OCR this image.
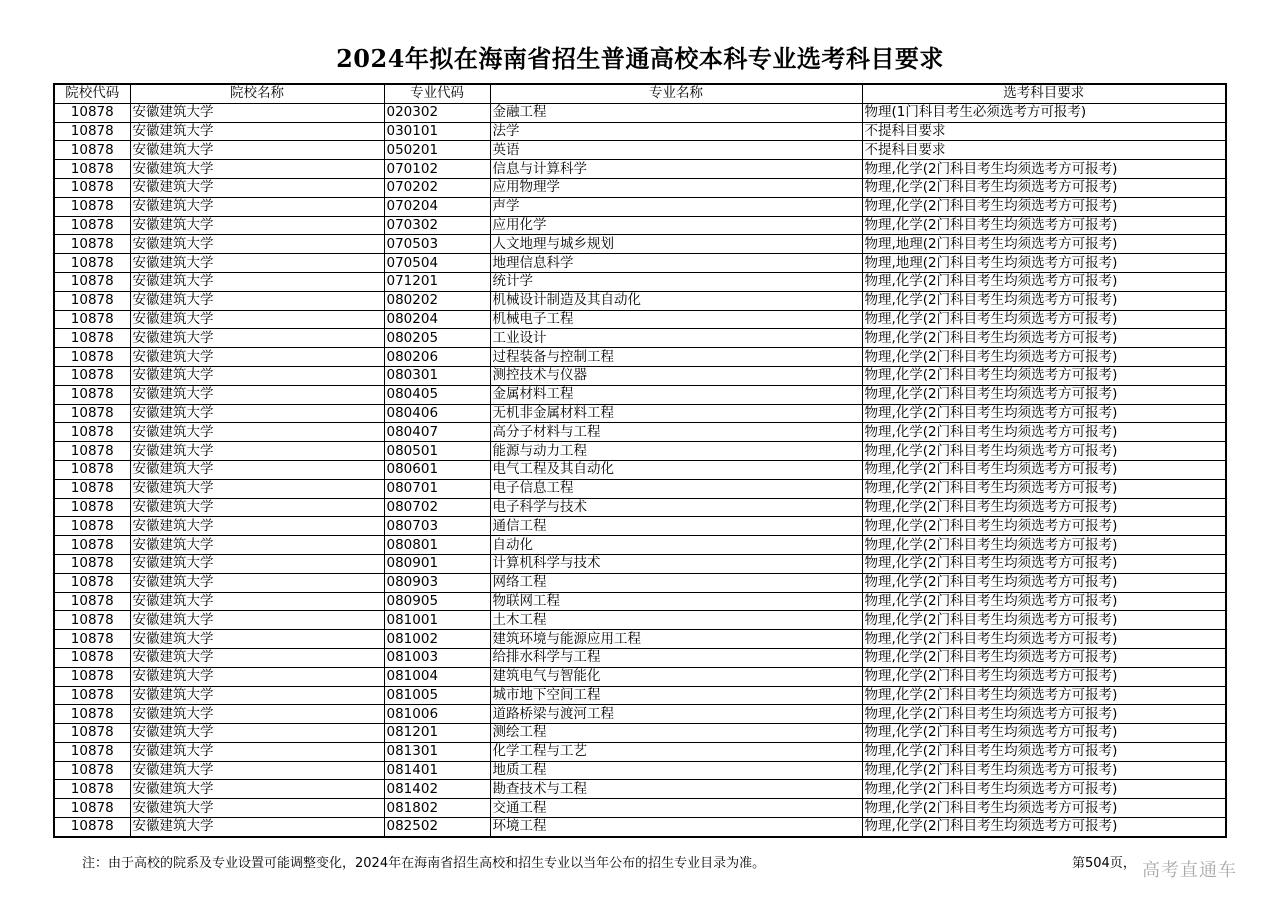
2024年拟在海南省招生普通高校本科专业选考科目要求
院校代码	院校名称	专业代码	专业名称	选考科目要求
10878	安徽建筑大学	020302	金融工程	物理(1门科目考生必须选考方可报考)
10878	安徽建筑大学	030101	法学	不提科目要求
10878	安徽建筑大学	050201	英语	不提科目要求
10878	安徽建筑大学	070102	信息与计算科学	物理,化学(2门科目考生均须选考方可报考)
10878	安徽建筑大学	070202	应用物理学	物理,化学(2门科目考生均须选考方可报考)
10878	安徽建筑大学	070204	声学	物理,化学(2门科目考生均须选考方可报考)
10878	安徽建筑大学	070302	应用化学	物理,化学(2门科目考生均须选考方可报考)
10878	安徽建筑大学	070503	人文地理与城乡规划	物理,地理(2门科目考生均须选考方可报考)
10878	安徽建筑大学	070504	地理信息科学	物理,地理(2门科目考生均须选考方可报考)
10878	安徽建筑大学	071201	统计学	物理,化学(2门科目考生均须选考方可报考)
10878	安徽建筑大学	080202	机械设计制造及其自动化	物理,化学(2门科目考生均须选考方可报考)
10878	安徽建筑大学	080204	机械电子工程	物理,化学(2门科目考生均须选考方可报考)
10878	安徽建筑大学	080205	工业设计	物理,化学(2门科目考生均须选考方可报考)
10878	安徽建筑大学	080206	过程装备与控制工程	物理,化学(2门科目考生均须选考方可报考)
10878	安徽建筑大学	080301	测控技术与仪器	物理,化学(2门科目考生均须选考方可报考)
10878	安徽建筑大学	080405	金属材料工程	物理,化学(2门科目考生均须选考方可报考)
10878	安徽建筑大学	080406	无机非金属材料工程	物理,化学(2门科目考生均须选考方可报考)
10878	安徽建筑大学	080407	高分子材料与工程	物理,化学(2门科目考生均须选考方可报考)
10878	安徽建筑大学	080501	能源与动力工程	物理,化学(2门科目考生均须选考方可报考)
10878	安徽建筑大学	080601	电气工程及其自动化	物理,化学(2门科目考生均须选考方可报考)
10878	安徽建筑大学	080701	电子信息工程	物理,化学(2门科目考生均须选考方可报考)
10878	安徽建筑大学	080702	电子科学与技术	物理,化学(2门科目考生均须选考方可报考)
10878	安徽建筑大学	080703	通信工程	物理,化学(2门科目考生均须选考方可报考)
10878	安徽建筑大学	080801	自动化	物理,化学(2门科目考生均须选考方可报考)
10878	安徽建筑大学	080901	计算机科学与技术	物理,化学(2门科目考生均须选考方可报考)
10878	安徽建筑大学	080903	网络工程	物理,化学(2门科目考生均须选考方可报考)
10878	安徽建筑大学	080905	物联网工程	物理,化学(2门科目考生均须选考方可报考)
10878	安徽建筑大学	081001	土木工程	物理,化学(2门科目考生均须选考方可报考)
10878	安徽建筑大学	081002	建筑环境与能源应用工程	物理,化学(2门科目考生均须选考方可报考)
10878	安徽建筑大学	081003	给排水科学与工程	物理,化学(2门科目考生均须选考方可报考)
10878	安徽建筑大学	081004	建筑电气与智能化	物理,化学(2门科目考生均须选考方可报考)
10878	安徽建筑大学	081005	城市地下空间工程	物理,化学(2门科目考生均须选考方可报考)
10878	安徽建筑大学	081006	道路桥梁与渡河工程	物理,化学(2门科目考生均须选考方可报考)
10878	安徽建筑大学	081201	测绘工程	物理,化学(2门科目考生均须选考方可报考)
10878	安徽建筑大学	081301	化学工程与工艺	物理,化学(2门科目考生均须选考方可报考)
10878	安徽建筑大学	081401	地质工程	物理,化学(2门科目考生均须选考方可报考)
10878	安徽建筑大学	081402	勘查技术与工程	物理,化学(2门科目考生均须选考方可报考)
10878	安徽建筑大学	081802	交通工程	物理,化学(2门科目考生均须选考方可报考)
10878	安徽建筑大学	082502	环境工程	物理,化学(2门科目考生均须选考方可报考)
注：由于高校的院系及专业设置可能调整变化，2024年在海南省招生高校和招生专业以当年公布的招生专业目录为准。	第504页， 高考直通车
